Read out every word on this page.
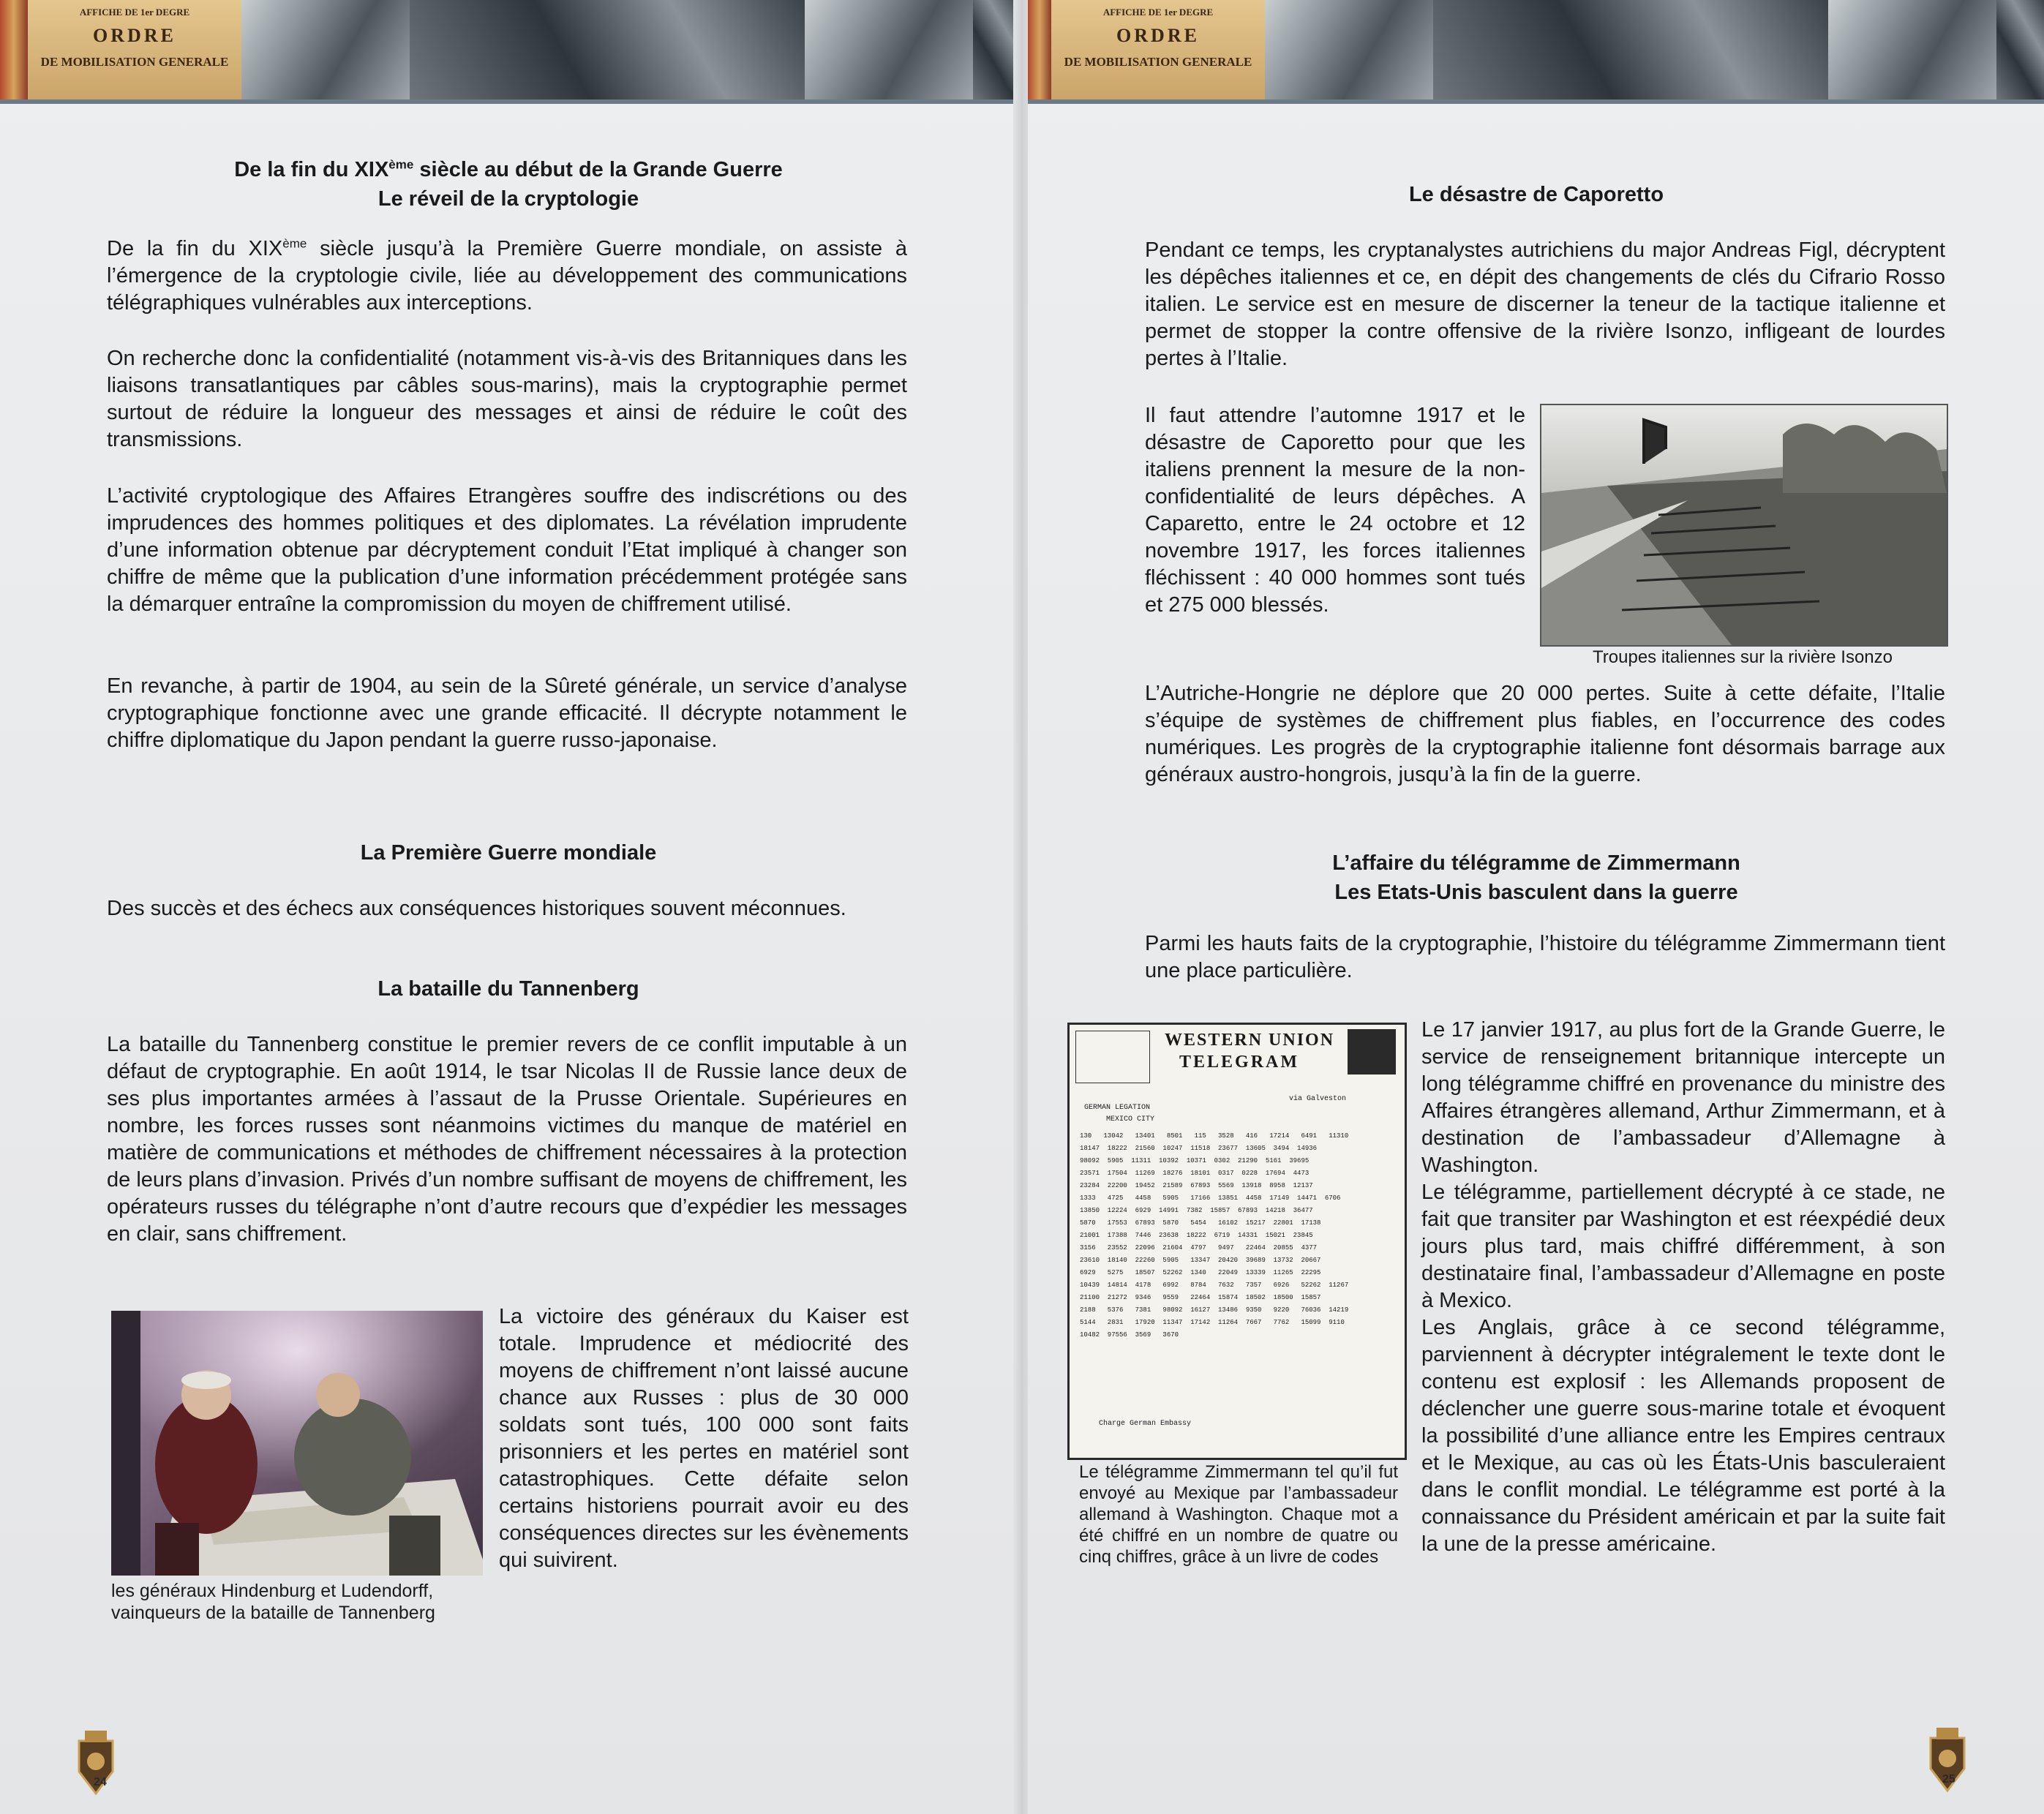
AFFICHE DE 1er DEGRE
ORDRE
DE MOBILISATION GENERALE
De la fin du XIXème siècle au début de la Grande Guerre
Le réveil de la cryptologie

De la fin du XIXème siècle jusqu’à la Première Guerre mondiale, on assiste à l’émergence de la cryptologie civile, liée au développement des communications télégraphiques vulnérables aux interceptions.

On recherche donc la confidentialité (notamment vis-à-vis des Britanniques dans les liaisons transatlantiques par câbles sous-marins), mais la cryptographie permet surtout de réduire la longueur des messages et ainsi de réduire le coût des transmissions.

L’activité cryptologique des Affaires Etrangères souffre des indiscrétions ou des imprudences des hommes politiques et des diplomates. La révélation imprudente d’une information obtenue par décryptement conduit l’Etat impliqué à changer son chiffre de même que la publication d’une information précédemment protégée sans la démarquer entraîne la compromission du moyen de chiffrement utilisé.

En revanche, à partir de 1904, au sein de la Sûreté générale, un service d’analyse cryptographique fonctionne avec une grande efficacité. Il décrypte notamment le chiffre diplomatique du Japon pendant la guerre russo-japonaise.

La Première Guerre mondiale

Des succès et des échecs aux conséquences historiques souvent méconnues.

La bataille du Tannenberg

La bataille du Tannenberg constitue le premier revers de ce conflit imputable à un défaut de cryptographie. En août 1914, le tsar Nicolas II de Russie lance deux de ses plus importantes armées à l’assaut de la Prusse Orientale. Supérieures en nombre, les forces russes sont néanmoins victimes du manque de matériel en matière de communications et méthodes de chiffrement nécessaires à la protection de leurs plans d’invasion. Privés d’un nombre suffisant de moyens de chiffrement, les opérateurs russes du télégraphe n’ont d’autre recours que d’expédier les messages en clair, sans chiffrement.

La victoire des généraux du Kaiser est totale. Imprudence et médiocrité des moyens de chiffrement n’ont laissé aucune chance aux Russes : plus de 30 000 soldats sont tués, 100 000 sont faits prisonniers et les pertes en matériel sont catastrophiques. Cette défaite selon certains historiens pourrait avoir eu des conséquences directes sur les évènements qui suivirent.

les généraux Hindenburg et Ludendorff, vainqueurs de la bataille de Tannenberg

24
AFFICHE DE 1er DEGRE
ORDRE
DE MOBILISATION GENERALE
Le désastre de Caporetto

Pendant ce temps, les cryptanalystes autrichiens du major Andreas Figl, décryptent les dépêches italiennes et ce, en dépit des changements de clés du Cifrario Rosso italien. Le service est en mesure de discerner la teneur de la tactique italienne et permet de stopper la contre offensive de la rivière Isonzo, infligeant de lourdes pertes à l’Italie.

Il faut attendre l’automne 1917 et le désastre de Caporetto pour que les italiens prennent la mesure de la non-confidentialité de leurs dépêches. A Caparetto, entre le 24 octobre et 12 novembre 1917, les forces italiennes fléchissent : 40 000 hommes sont tués et 275 000 blessés.

Troupes italiennes sur la rivière Isonzo

L’Autriche-Hongrie ne déplore que 20 000 pertes. Suite à cette défaite, l’Italie s’équipe de systèmes de chiffrement plus fiables, en l’occurrence des codes numériques. Les progrès de la cryptographie italienne font désormais barrage aux généraux austro-hongrois, jusqu’à la fin de la guerre.

L’affaire du télégramme de Zimmermann
Les Etats-Unis basculent dans la guerre

Parmi les hauts faits de la cryptographie, l’histoire du télégramme Zimmermann tient une place particulière.

WESTERN UNION
TELEGRAM
GERMAN LEGATION
via Galveston
MEXICO CITY
130   13042   13401   8501   115   3528   416   17214   6491   11310
18147  18222  21560  10247  11518  23677  13605  3494  14936
98092  5905  11311  10392  10371  0302  21290  5161  39695
23571  17504  11269  18276  18101  0317  0228  17694  4473
23284  22200  19452  21589  67893  5569  13918  8958  12137
1333   4725   4458   5905   17166  13851  4458  17149  14471  6706
13850  12224  6929  14991  7382  15857  67893  14218  36477
5870   17553  67893  5870   5454   16102  15217  22801  17138
21001  17388  7446  23638  18222  6719  14331  15021  23845
3156   23552  22096  21604  4797   9497   22464  20855  4377
23610  18140  22260  5905   13347  20420  39689  13732  20667
6929   5275   18507  52262  1340   22049  13339  11265  22295
10439  14814  4178   6992   8784   7632   7357   6926   52262  11267
21100  21272  9346   9559   22464  15874  18502  18500  15857
2188   5376   7381   98092  16127  13486  9350   9220   76036  14219
5144   2831   17920  11347  17142  11264  7667   7762   15099  9110
10482  97556  3569   3670
Charge German Embassy

Le télégramme Zimmermann tel qu’il fut envoyé au Mexique par l’ambassadeur allemand à Washington. Chaque mot a été chiffré en un nombre de quatre ou cinq chiffres, grâce à un livre de codes

Le 17 janvier 1917, au plus fort de la Grande Guerre, le service de renseignement britannique intercepte un long télégramme chiffré en provenance du ministre des Affaires étrangères allemand, Arthur Zimmermann, et à destination de l’ambassadeur d’Allemagne à Washington.

Le télégramme, partiellement décrypté à ce stade, ne fait que transiter par Washington et est réexpédié deux jours plus tard, mais chiffré différemment, à son destinataire final, l’ambassadeur d’Allemagne en poste à Mexico.

Les Anglais, grâce à ce second télégramme, parviennent à décrypter intégralement le texte dont le contenu est explosif : les Allemands proposent de déclencher une guerre sous-marine totale et évoquent la possibilité d’une alliance entre les Empires centraux et le Mexique, au cas où les États-Unis basculeraient dans le conflit mondial. Le télégramme est porté à la connaissance du Président américain et par la suite fait la une de la presse américaine.

25
